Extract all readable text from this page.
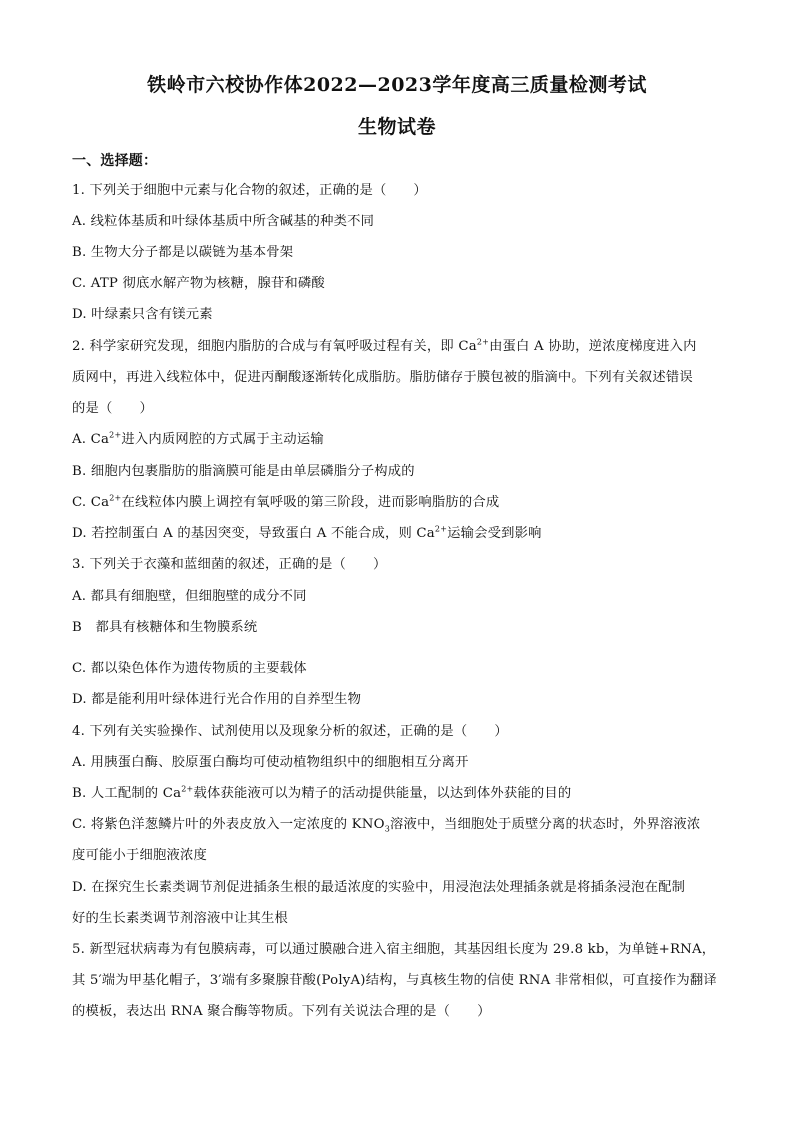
铁岭市六校协作体2022—2023学年度高三质量检测考试
生物试卷
一、选择题：
1. 下列关于细胞中元素与化合物的叙述，正确的是（　　）
A. 线粒体基质和叶绿体基质中所含碱基的种类不同
B. 生物大分子都是以碳链为基本骨架
C. ATP 彻底水解产物为核糖，腺苷和磷酸
D. 叶绿素只含有镁元素
2. 科学家研究发现，细胞内脂肪的合成与有氧呼吸过程有关，即 $Ca^{2+}$由蛋白 A 协助，逆浓度梯度进入内
质网中，再进入线粒体中，促进丙酮酸逐渐转化成脂肪。脂肪储存于膜包被的脂滴中。下列有关叙述错误
的是（　　）
A. $Ca^{2+}$进入内质网腔的方式属于主动运输
B. 细胞内包裹脂肪的脂滴膜可能是由单层磷脂分子构成的
C. $Ca^{2+}$在线粒体内膜上调控有氧呼吸的第三阶段，进而影响脂肪的合成
D. 若控制蛋白 A 的基因突变，导致蛋白 A 不能合成，则 $Ca^{2+}$运输会受到影响
3. 下列关于衣藻和蓝细菌的叙述，正确的是（　　）
A. 都具有细胞壁，但细胞壁的成分不同
B　都具有核糖体和生物膜系统
C. 都以染色体作为遗传物质的主要载体
D. 都是能利用叶绿体进行光合作用的自养型生物
4. 下列有关实验操作、试剂使用以及现象分析的叙述，正确的是（　　）
A. 用胰蛋白酶、胶原蛋白酶均可使动植物组织中的细胞相互分离开
B. 人工配制的 $Ca^{2+}$载体获能液可以为精子的活动提供能量，以达到体外获能的目的
C. 将紫色洋葱鳞片叶的外表皮放入一定浓度的 $KNO_3$溶液中，当细胞处于质壁分离的状态时，外界溶液浓
度可能小于细胞液浓度
D. 在探究生长素类调节剂促进插条生根的最适浓度的实验中，用浸泡法处理插条就是将插条浸泡在配制
好的生长素类调节剂溶液中让其生根
5. 新型冠状病毒为有包膜病毒，可以通过膜融合进入宿主细胞，其基因组长度为 29.8 kb，为单链+RNA，
其 5′端为甲基化帽子，3′端有多聚腺苷酸(PolyA)结构，与真核生物的信使 RNA 非常相似，可直接作为翻译
的模板，表达出 RNA 聚合酶等物质。下列有关说法合理的是（　　）
